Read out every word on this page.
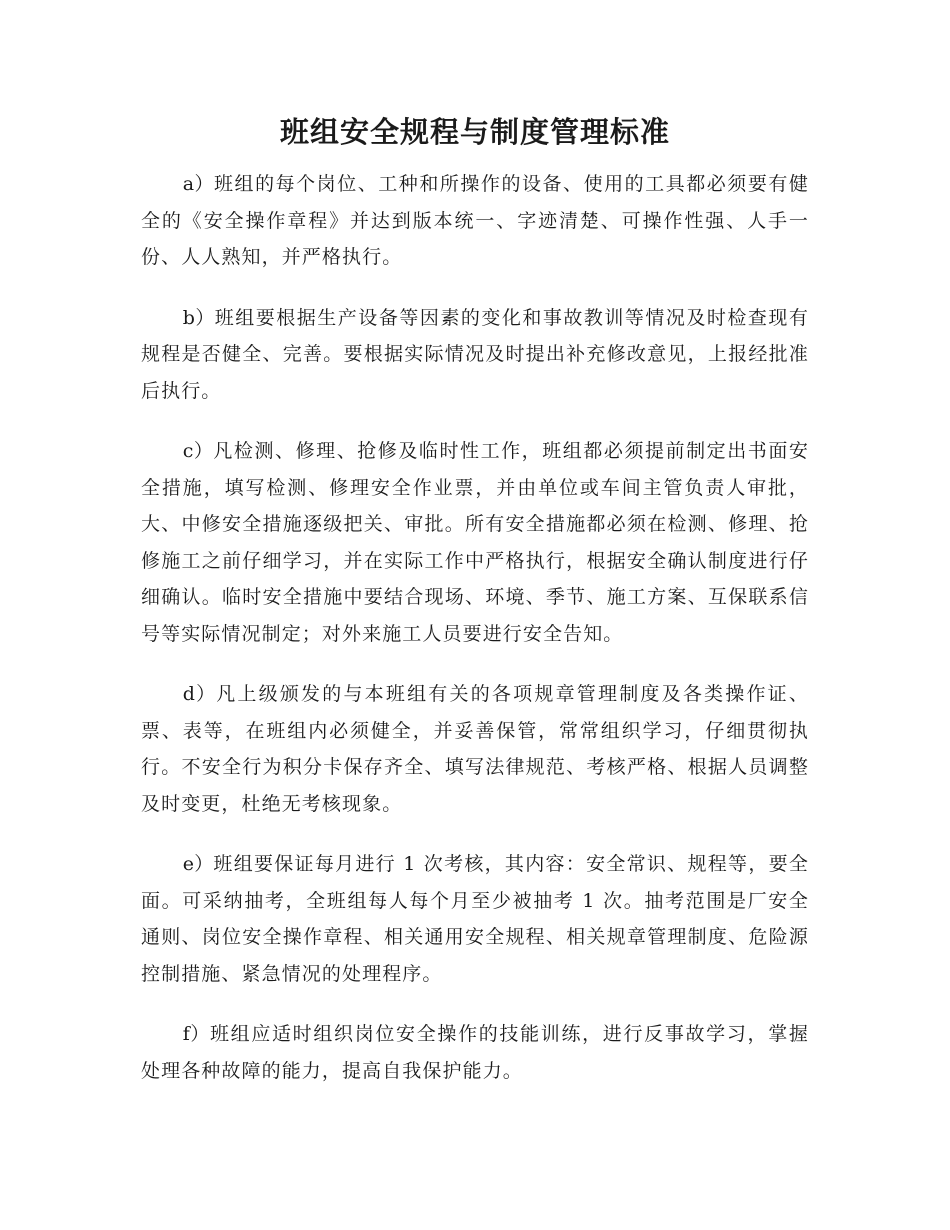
班组安全规程与制度管理标准

a）班组的每个岗位、工种和所操作的设备、使用的工具都必须要有健全的《安全操作章程》并达到版本统一、字迹清楚、可操作性强、人手一份、人人熟知，并严格执行。

b）班组要根据生产设备等因素的变化和事故教训等情况及时检查现有规程是否健全、完善。要根据实际情况及时提出补充修改意见，上报经批准后执行。

c）凡检测、修理、抢修及临时性工作，班组都必须提前制定出书面安全措施，填写检测、修理安全作业票，并由单位或车间主管负责人审批，大、中修安全措施逐级把关、审批。所有安全措施都必须在检测、修理、抢修施工之前仔细学习，并在实际工作中严格执行，根据安全确认制度进行仔细确认。临时安全措施中要结合现场、环境、季节、施工方案、互保联系信号等实际情况制定；对外来施工人员要进行安全告知。

d）凡上级颁发的与本班组有关的各项规章管理制度及各类操作证、票、表等，在班组内必须健全，并妥善保管，常常组织学习，仔细贯彻执行。不安全行为积分卡保存齐全、填写法律规范、考核严格、根据人员调整及时变更，杜绝无考核现象。

e）班组要保证每月进行 1 次考核，其内容：安全常识、规程等，要全面。可采纳抽考，全班组每人每个月至少被抽考 1 次。抽考范围是厂安全通则、岗位安全操作章程、相关通用安全规程、相关规章管理制度、危险源控制措施、紧急情况的处理程序。

f）班组应适时组织岗位安全操作的技能训练，进行反事故学习，掌握处理各种故障的能力，提高自我保护能力。
